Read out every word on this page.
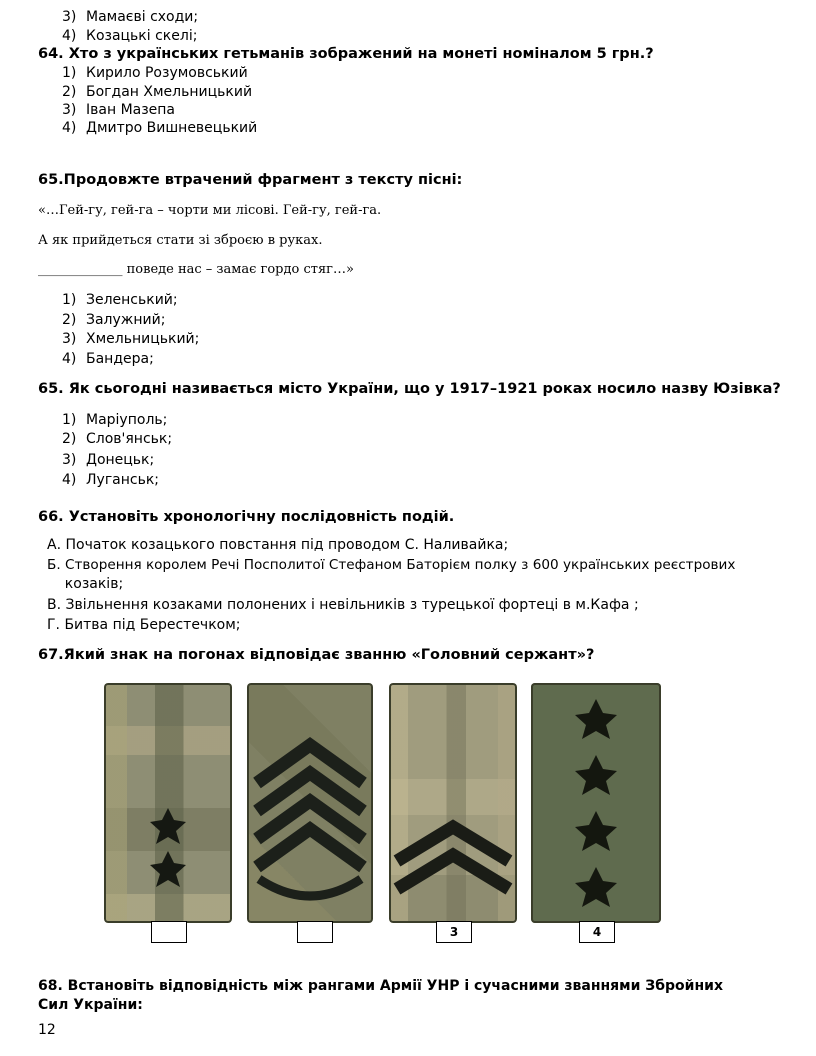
3) Мамаєві сходи;
4) Козацькі скелі;
64. Хто з українських гетьманів зображений на монеті номіналом 5 грн.?
1) Кирило Розумовський
2) Богдан Хмельницький
3) Іван Мазепа
4) Дмитро Вишневецький
65.Продовжте втрачений фрагмент з тексту пісні:
«…Гей-гу, гей-га – чорти ми лісові. Гей-гу, гей-га.
А як прийдеться стати зі зброєю в руках.
_____________ поведе нас – замає гордо стяг…»
1) Зеленський;
2) Залужний;
3) Хмельницький;
4) Бандера;
65. Як сьогодні називається місто України, що у 1917–1921 роках носило назву Юзівка?
1) Маріуполь;
2) Слов'янськ;
3) Донецьк;
4) Луганськ;
66. Установіть хронологічну послідовність подій.
А. Початок козацького повстання під проводом С. Наливайка;
Б. Створення королем Речі Посполитої Стефаном Баторієм полку з 600 українських реєстрових
козаків;
В. Звільнення козаками полонених і невільників з турецької фортеці в м.Кафа ;
Г. Битва під Берестечком;
67.Який знак на погонах відповідає званню «Головний сержант»?
3	4
68. Встановіть відповідність між рангами Армії УНР і сучасними званнями Збройних
Сил України:
12
